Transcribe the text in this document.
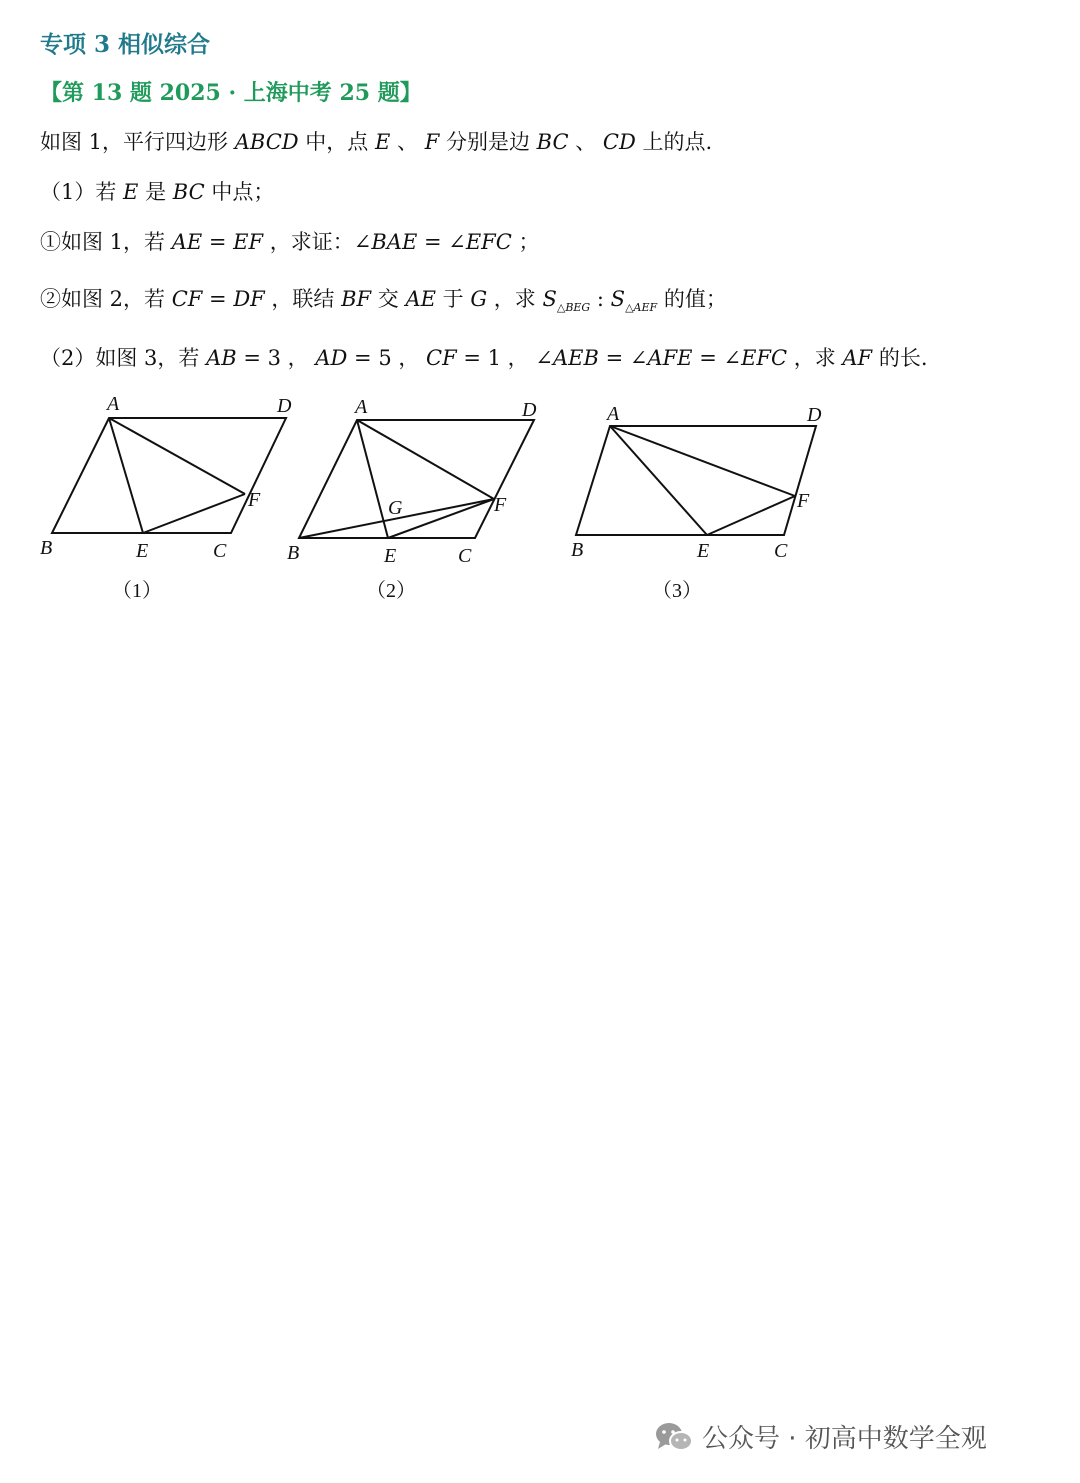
专项 3 相似综合
【第 13 题 2025 · 上海中考 25 题】
如图 1，平行四边形 ABCD 中，点 E 、 F 分别是边 BC 、 CD 上的点.
（1）若 E 是 BC 中点；
①如图 1，若 AE = EF ，求证：∠BAE = ∠EFC ；
②如图 2，若 CF = DF ，联结 BF 交 AE 于 G ，求 $S_{\triangle BEG}$ : $S_{\triangle AEF}$ 的值；
（2）如图 3，若 AB = 3 ， AD = 5 ， CF = 1 ， ∠AEB = ∠AFE = ∠EFC ，求 AF 的长.
A	D
F
B	E	C
（1）
A	D
G	F
B	E	C
（2）
A	D
F
B	E	C
（3）
公众号 · 初高中数学全观
